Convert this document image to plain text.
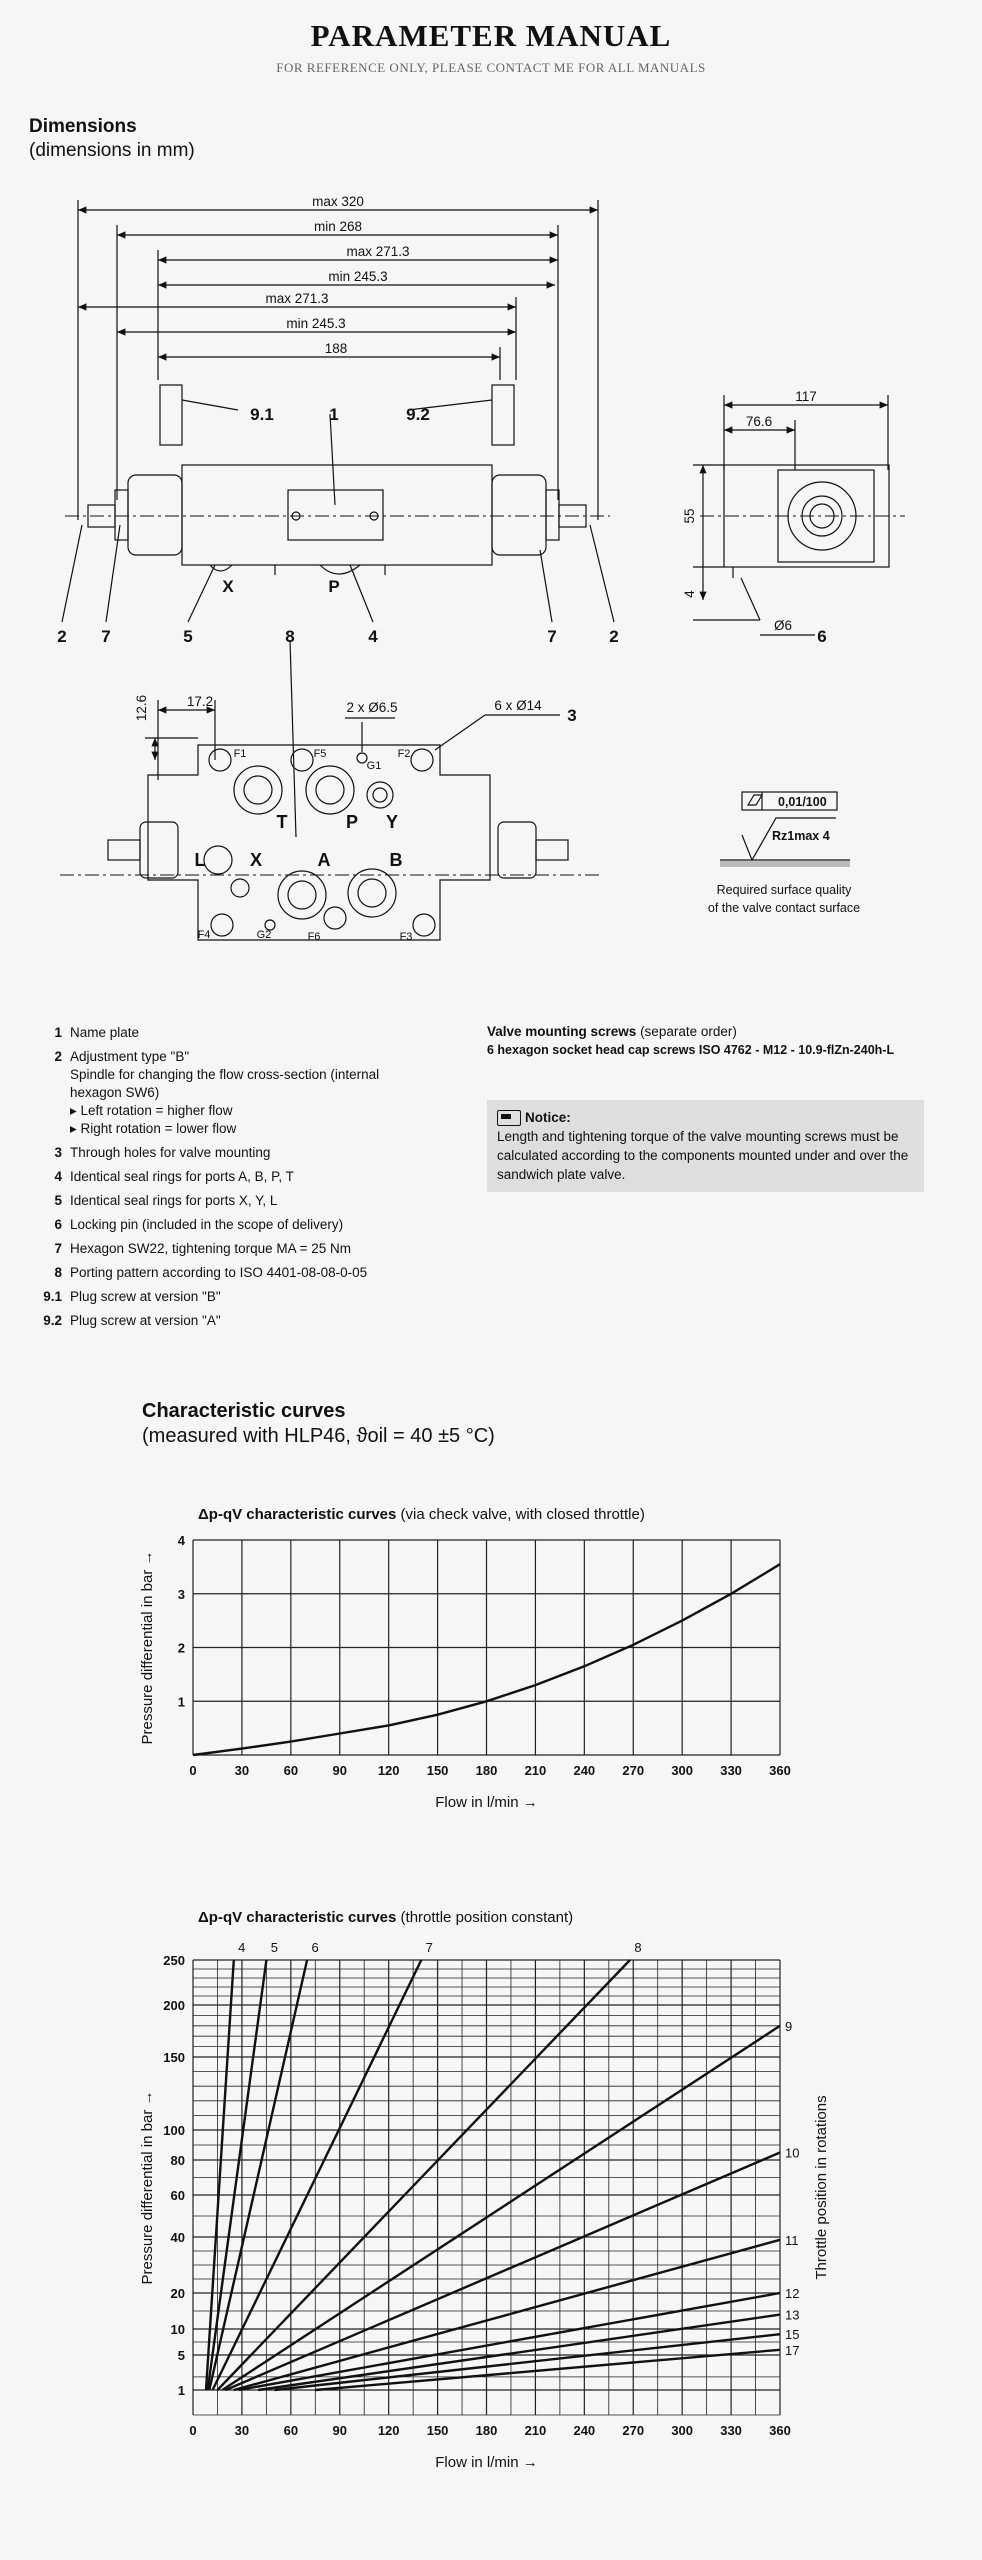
PARAMETER MANUAL
FOR REFERENCE ONLY, PLEASE CONTACT ME FOR ALL MANUALS
Dimensions
(dimensions in mm)
max 320
min 268
max 271.3
min 245.3
max 271.3
min 245.3
188
117
76.6
55
4
Ø6
17.2
12.6	2 x Ø6.5	6 x Ø14
9.1	1	9.2
X	P
2 7	5	4	7	2	6
8
3
F1	F5
G1
F2
F4	G2	F6	F3
T	P Y
L X	A	B
0,01/100
Rz1max 4
Required surface quality
of the valve contact surface
1 Name plate
2 Adjustment type "B"
Spindle for changing the flow cross-section (internal
hexagon SW6)
▸ Left rotation = higher flow
▸ Right rotation = lower flow
3 Through holes for valve mounting
4 Identical seal rings for ports A, B, P, T
5 Identical seal rings for ports X, Y, L
6 Locking pin (included in the scope of delivery)
7 Hexagon SW22, tightening torque MA = 25 Nm
8 Porting pattern according to ISO 4401-08-08-0-05
9.1 Plug screw at version "B"
9.2 Plug screw at version "A"
Valve mounting screws (separate order)
6 hexagon socket head cap screws ISO 4762 - M12 - 10.9-flZn-240h-L
Notice:
Length and tightening torque of the valve mounting screws must be calculated according to the components mounted under and over the sandwich plate valve.
Characteristic curves
(measured with HLP46, ϑoil = 40 ±5 °C)
Δp-qV characteristic curves (via check valve, with closed throttle)
0	30	60	90 120 150 180 210 240 270 300 330 360
1
2
3
4
Flow in l/min →
Pressure differential in bar →
Δp-qV characteristic curves (throttle position constant)
0	30	60	90 120 150 180 210 240 270 300 330 360
1
5
10
20
40
60
80
100
150
200
250
Flow in l/min →
Pressure differential in bar →	Throttle position in rotations
4 5	6	7	8
9
10
11
12
13
15
17
